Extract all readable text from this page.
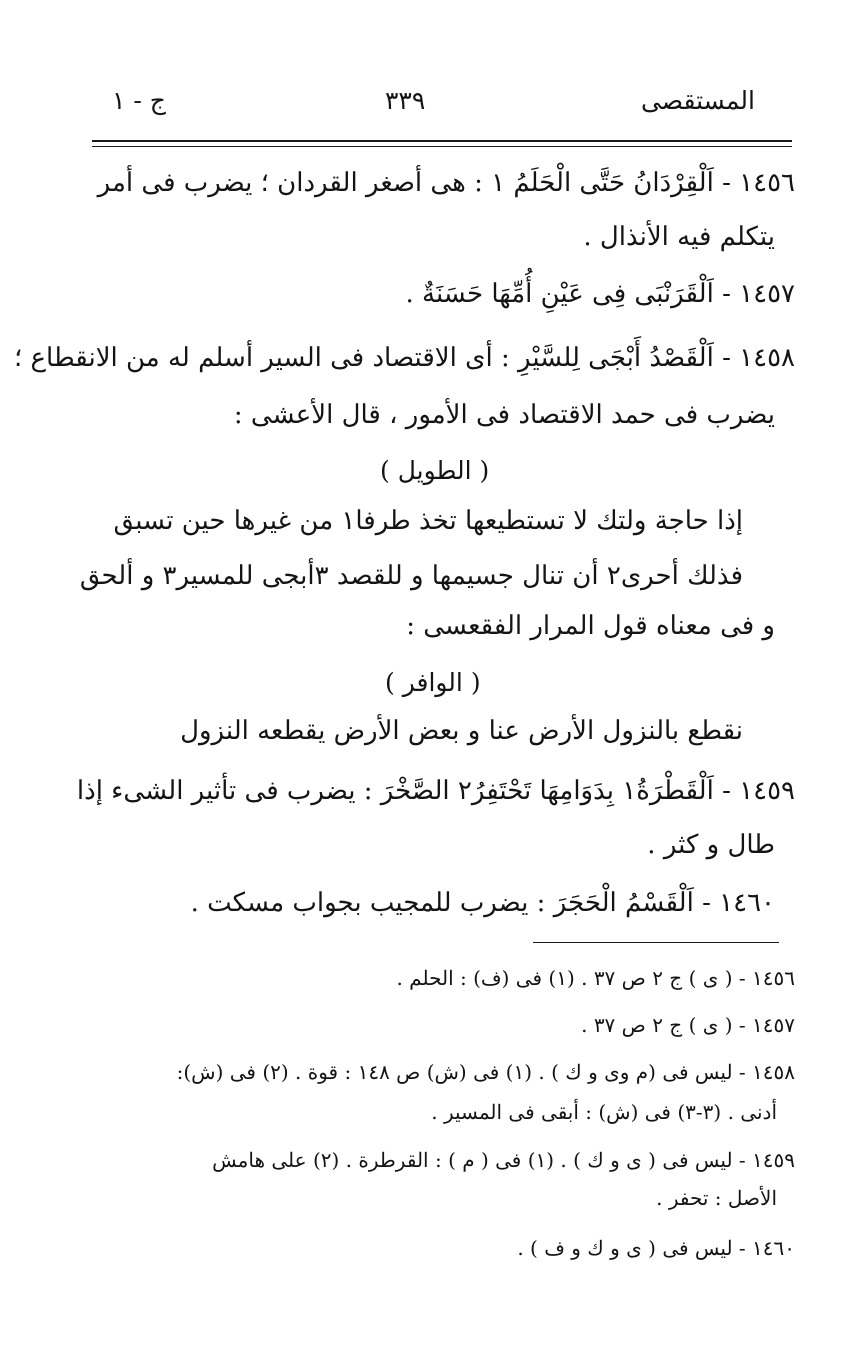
المستقصى
٣٣٩
ج - ١
١٤٥٦ - اَلْقِرْدَانُ حَتَّى الْحَلَمُ ١ : هى أصغر القردان ؛ يضرب فى أمر
يتكلم فيه الأنذال .
١٤٥٧ - اَلْقَرَنْبَى فِى عَيْنِ أُمِّهَا حَسَنَةٌ .
١٤٥٨ - اَلْقَصْدُ أَبْجَى لِلسَّيْرِ : أى الاقتصاد فى السير أسلم له من الانقطاع ؛
يضرب فى حمد الاقتصاد فى الأمور ، قال الأعشى :
( الطويل )
إذا حاجة ولتك لا تستطيعها تخذ طرفا١ من غيرها حين تسبق
فذلك أحرى٢ أن تنال جسيمها و للقصد ٣أبجى للمسير٣ و ألحق
و فى معناه قول المرار الفقعسى :
( الوافر )
نقطع بالنزول الأرض عنا و بعض الأرض يقطعه النزول
١٤٥٩ - اَلْقَطْرَةُ١ بِدَوَامِهَا تَحْتَفِرُ٢ الصَّخْرَ : يضرب فى تأثير الشىء إذا
طال و كثر .
١٤٦٠ - اَلْقَسْمُ الْحَجَرَ : يضرب للمجيب بجواب مسكت .
١٤٥٦ - ( ى ) ج ٢ ص ٣٧ . (١) فى (ف) : الحلم .
١٤٥٧ - ( ى ) ج ٢ ص ٣٧ .
١٤٥٨ - ليس فى (م وى و ك ) . (١) فى (ش) ص ١٤٨ : قوة . (٢) فى (ش):
أدنى . (٣-٣) فى (ش) : أبقى فى المسير .
١٤٥٩ - ليس فى ( ى و ك ) . (١) فى ( م ) : القرطرة . (٢) على هامش
الأصل : تحفر .
١٤٦٠ - ليس فى ( ى و ك و ف ) .
